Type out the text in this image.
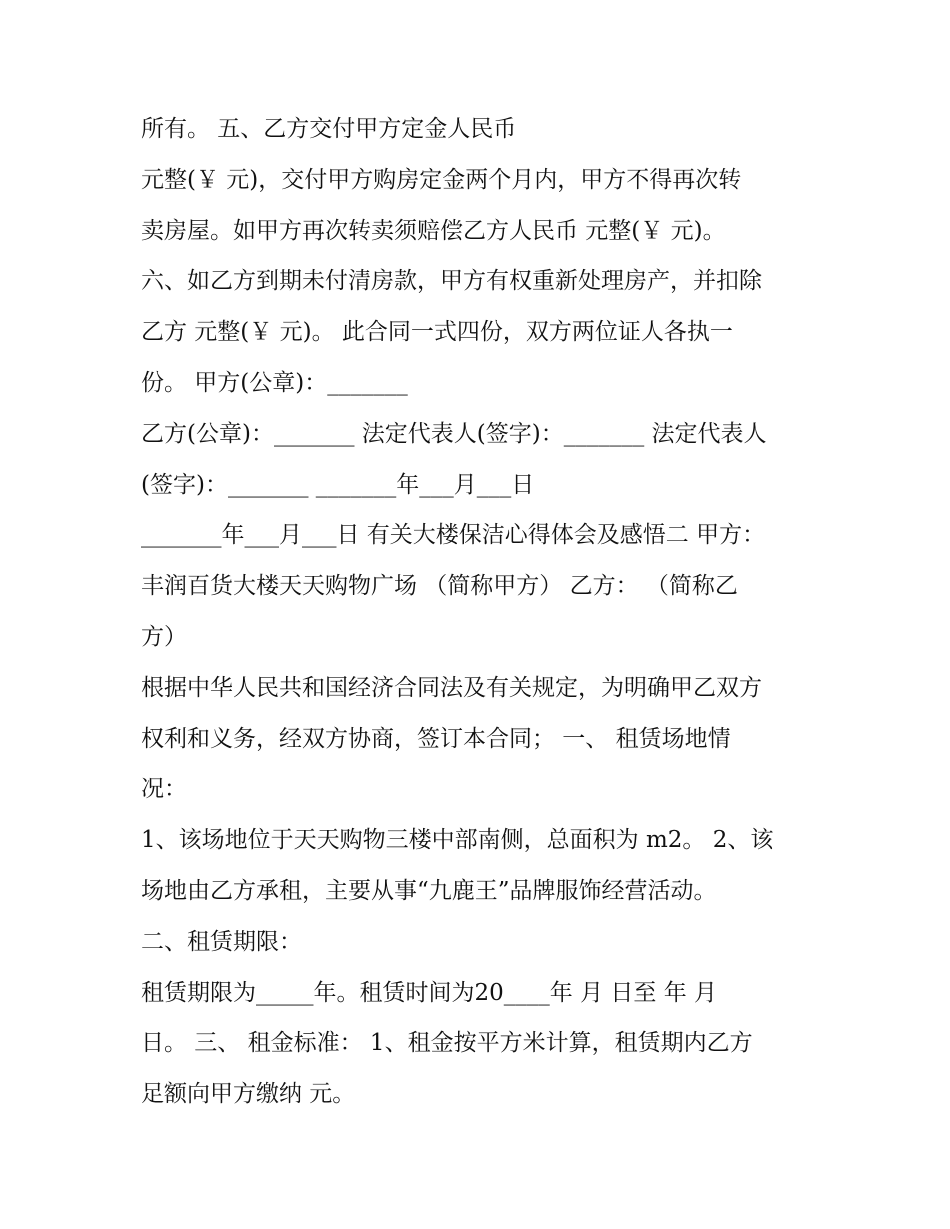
所有。 五、乙方交付甲方定金人民币
元整(￥ 元)，交付甲方购房定金两个月内，甲方不得再次转
卖房屋。如甲方再次转卖须赔偿乙方人民币 元整(￥ 元)。
六、如乙方到期未付清房款，甲方有权重新处理房产，并扣除
乙方 元整(￥ 元)。 此合同一式四份，双方两位证人各执一
份。 甲方(公章)：_______
乙方(公章)：_______ 法定代表人(签字)：_______ 法定代表人
(签字)：_______ _______年___月___日
_______年___月___日 有关大楼保洁心得体会及感悟二 甲方：
丰润百货大楼天天购物广场 （简称甲方） 乙方： （简称乙
方）
根据中华人民共和国经济合同法及有关规定，为明确甲乙双方
权利和义务，经双方协商，签订本合同； 一、 租赁场地情
况：
1、该场地位于天天购物三楼中部南侧，总面积为 m2。 2、该
场地由乙方承租，主要从事“九鹿王”品牌服饰经营活动。
二、租赁期限：
租赁期限为_____年。租赁时间为20____年 月 日至 年 月
日。 三、 租金标准： 1、租金按平方米计算，租赁期内乙方
足额向甲方缴纳 元。
